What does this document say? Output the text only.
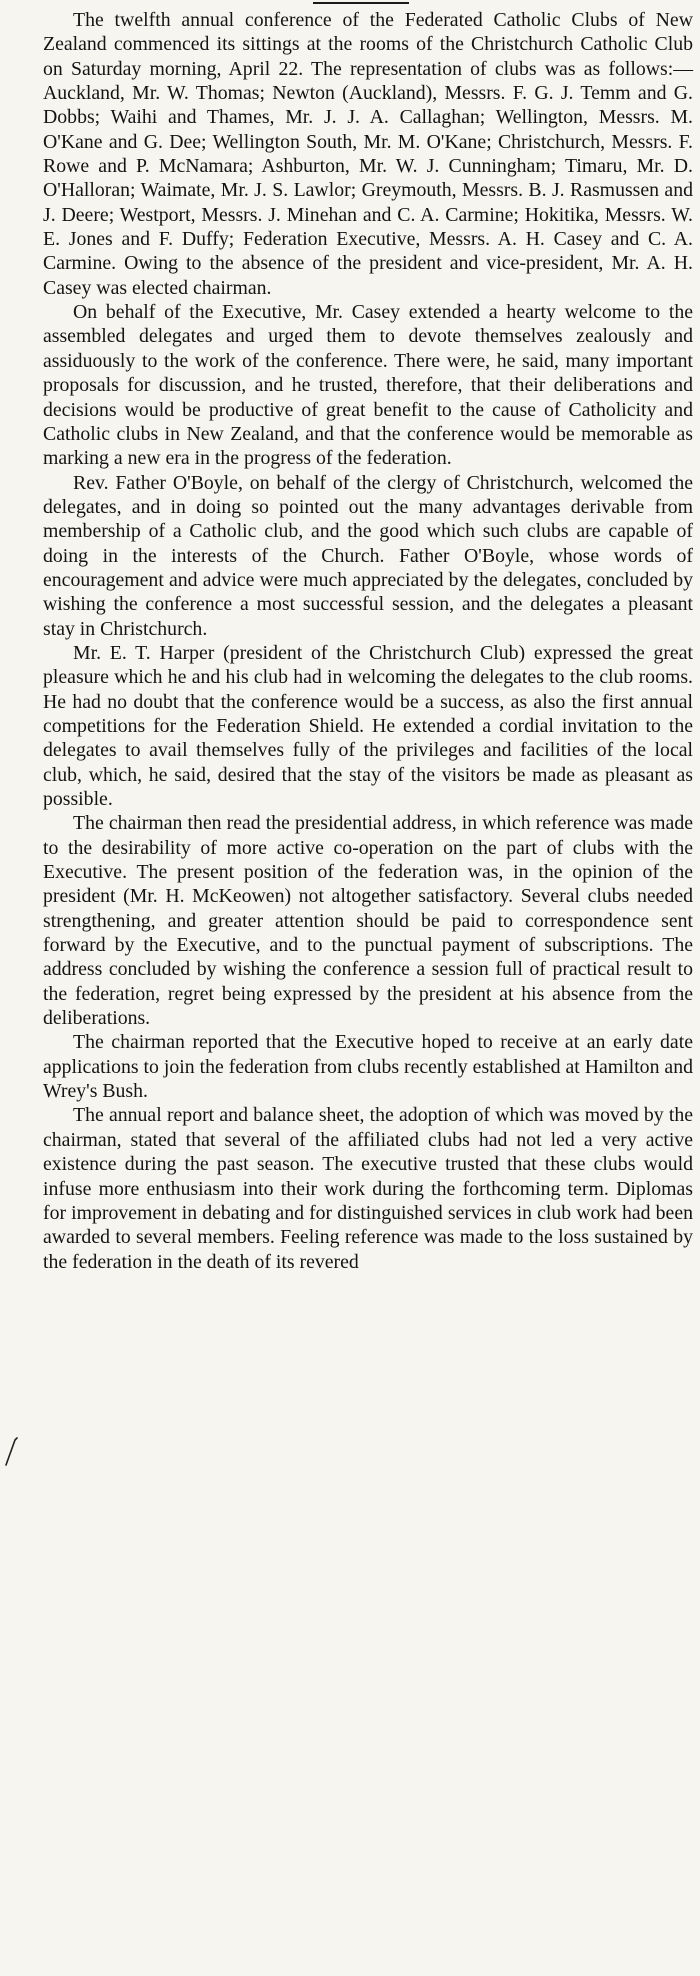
The twelfth annual conference of the Federated Catholic Clubs of New Zealand commenced its sittings at the rooms of the Christchurch Catholic Club on Saturday morning, April 22. The representation of clubs was as follows:—Auckland, Mr. W. Thomas; Newton (Auckland), Messrs. F. G. J. Temm and G. Dobbs; Waihi and Thames, Mr. J. J. A. Callaghan; Wellington, Messrs. M. O'Kane and G. Dee; Wellington South, Mr. M. O'Kane; Christchurch, Messrs. F. Rowe and P. McNamara; Ashburton, Mr. W. J. Cunningham; Timaru, Mr. D. O'Halloran; Waimate, Mr. J. S. Lawlor; Greymouth, Messrs. B. J. Rasmussen and J. Deere; Westport, Messrs. J. Minehan and C. A. Carmine; Hokitika, Messrs. W. E. Jones and F. Duffy; Federation Executive, Messrs. A. H. Casey and C. A. Carmine. Owing to the absence of the president and vice-president, Mr. A. H. Casey was elected chairman.

On behalf of the Executive, Mr. Casey extended a hearty welcome to the assembled delegates and urged them to devote themselves zealously and assiduously to the work of the conference. There were, he said, many important proposals for discussion, and he trusted, therefore, that their deliberations and decisions would be productive of great benefit to the cause of Catholicity and Catholic clubs in New Zealand, and that the conference would be memorable as marking a new era in the progress of the federation.

Rev. Father O'Boyle, on behalf of the clergy of Christchurch, welcomed the delegates, and in doing so pointed out the many advantages derivable from membership of a Catholic club, and the good which such clubs are capable of doing in the interests of the Church. Father O'Boyle, whose words of encouragement and advice were much appreciated by the delegates, concluded by wishing the conference a most successful session, and the delegates a pleasant stay in Christchurch.

Mr. E. T. Harper (president of the Christchurch Club) expressed the great pleasure which he and his club had in welcoming the delegates to the club rooms. He had no doubt that the conference would be a success, as also the first annual competitions for the Federation Shield. He extended a cordial invitation to the delegates to avail themselves fully of the privileges and facilities of the local club, which, he said, desired that the stay of the visitors be made as pleasant as possible.

The chairman then read the presidential address, in which reference was made to the desirability of more active co-operation on the part of clubs with the Executive. The present position of the federation was, in the opinion of the president (Mr. H. McKeowen) not altogether satisfactory. Several clubs needed strengthening, and greater attention should be paid to correspondence sent forward by the Executive, and to the punctual payment of subscriptions. The address concluded by wishing the conference a session full of practical result to the federation, regret being expressed by the president at his absence from the deliberations.

The chairman reported that the Executive hoped to receive at an early date applications to join the federation from clubs recently established at Hamilton and Wrey's Bush.

The annual report and balance sheet, the adoption of which was moved by the chairman, stated that several of the affiliated clubs had not led a very active existence during the past season. The executive trusted that these clubs would infuse more enthusiasm into their work during the forthcoming term. Diplomas for improvement in debating and for distinguished services in club work had been awarded to several members. Feeling reference was made to the loss sustained by the federation in the death of its revered
